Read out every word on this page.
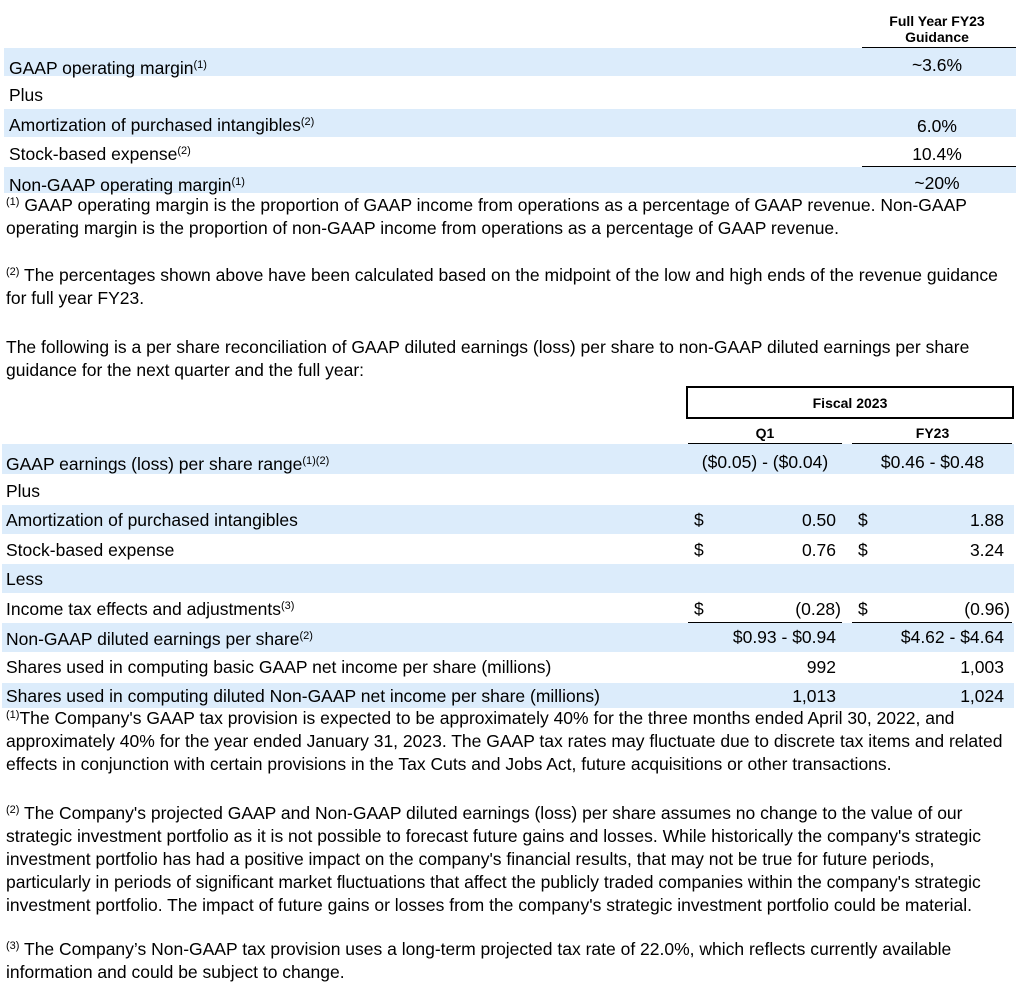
Full Year FY23
Guidance
GAAP operating margin$^{(1)}$	~3.6%
Plus
Amortization of purchased intangibles$^{(2)}$	6.0%
Stock-based expense$^{(2)}$	10.4%
Non-GAAP operating margin$^{(1)}$	~20%
$^{(1)}$ GAAP operating margin is the proportion of GAAP income from operations as a percentage of GAAP revenue. Non-GAAP operating margin is the proportion of non-GAAP income from operations as a percentage of GAAP revenue.
$^{(2)}$ The percentages shown above have been calculated based on the midpoint of the low and high ends of the revenue guidance for full year FY23.
The following is a per share reconciliation of GAAP diluted earnings (loss) per share to non-GAAP diluted earnings per share guidance for the next quarter and the full year:
Fiscal 2023
Q1	FY23
GAAP earnings (loss) per share range$^{(1)(2)}$	($0.05) - ($0.04)	$0.46 - $0.48
Plus
Amortization of purchased intangibles	$	0.50 $	1.88
Stock-based expense	$	0.76 $	3.24
Less
Income tax effects and adjustments$^{(3)}$	$	(0.28) $	(0.96)
Non-GAAP diluted earnings per share$^{(2)}$	$0.93 - $0.94	$4.62 - $4.64
Shares used in computing basic GAAP net income per share (millions)	992	1,003
Shares used in computing diluted Non-GAAP net income per share (millions)	1,013	1,024
$^{(1)}$The Company's GAAP tax provision is expected to be approximately 40% for the three months ended April 30, 2022, and approximately 40% for the year ended January 31, 2023. The GAAP tax rates may fluctuate due to discrete tax items and related effects in conjunction with certain provisions in the Tax Cuts and Jobs Act, future acquisitions or other transactions.
$^{(2)}$ The Company's projected GAAP and Non-GAAP diluted earnings (loss) per share assumes no change to the value of our strategic investment portfolio as it is not possible to forecast future gains and losses. While historically the company's strategic investment portfolio has had a positive impact on the company's financial results, that may not be true for future periods, particularly in periods of significant market fluctuations that affect the publicly traded companies within the company's strategic investment portfolio. The impact of future gains or losses from the company's strategic investment portfolio could be material.
$^{(3)}$ The Company’s Non-GAAP tax provision uses a long-term projected tax rate of 22.0%, which reflects currently available information and could be subject to change.
